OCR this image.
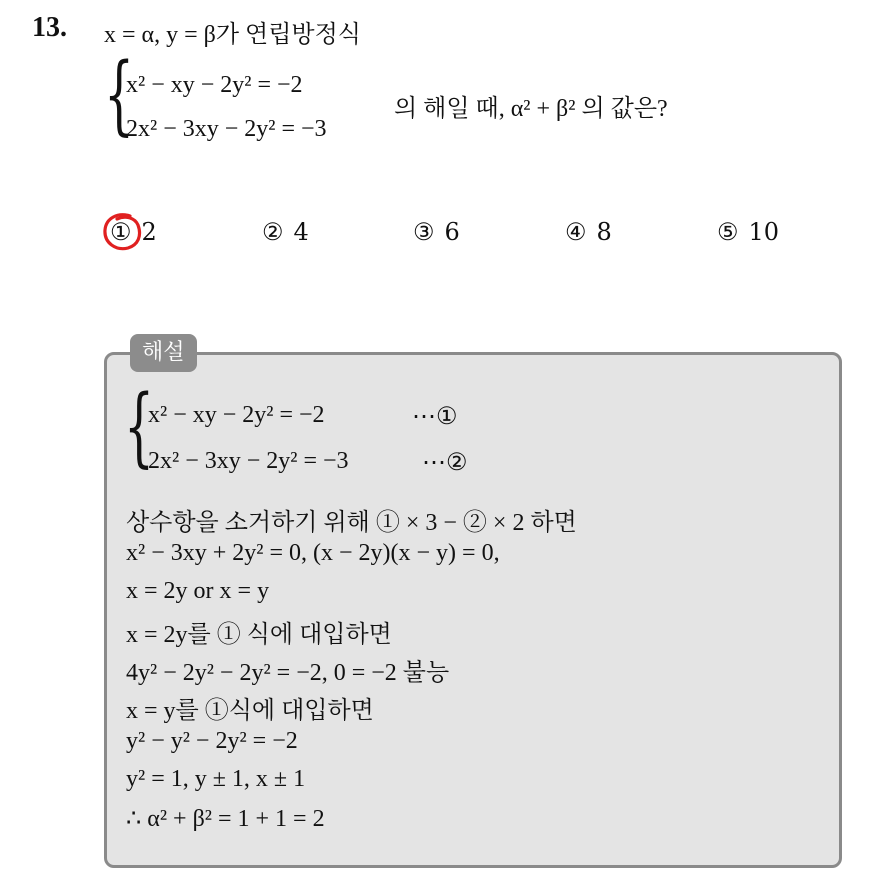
13. x = α, y = β가 연립방정식
{
x² − xy − 2y² = −2
2x² − 3xy − 2y² = −3
의 해일 때, α² + β² 의 값은?
① 2	② 4	③ 6	④ 8	⑤ 10
해설
{
x² − xy − 2y² = −2	⋯①
2x² − 3xy − 2y² = −3	⋯②
상수항을 소거하기 위해 ① × 3 − ② × 2 하면
x² − 3xy + 2y² = 0, (x − 2y)(x − y) = 0,
x = 2y or x = y
x = 2y를 ① 식에 대입하면
4y² − 2y² − 2y² = −2, 0 = −2 불능
x = y를 ①식에 대입하면
y² − y² − 2y² = −2
y² = 1, y ± 1, x ± 1
∴ α² + β² = 1 + 1 = 2
